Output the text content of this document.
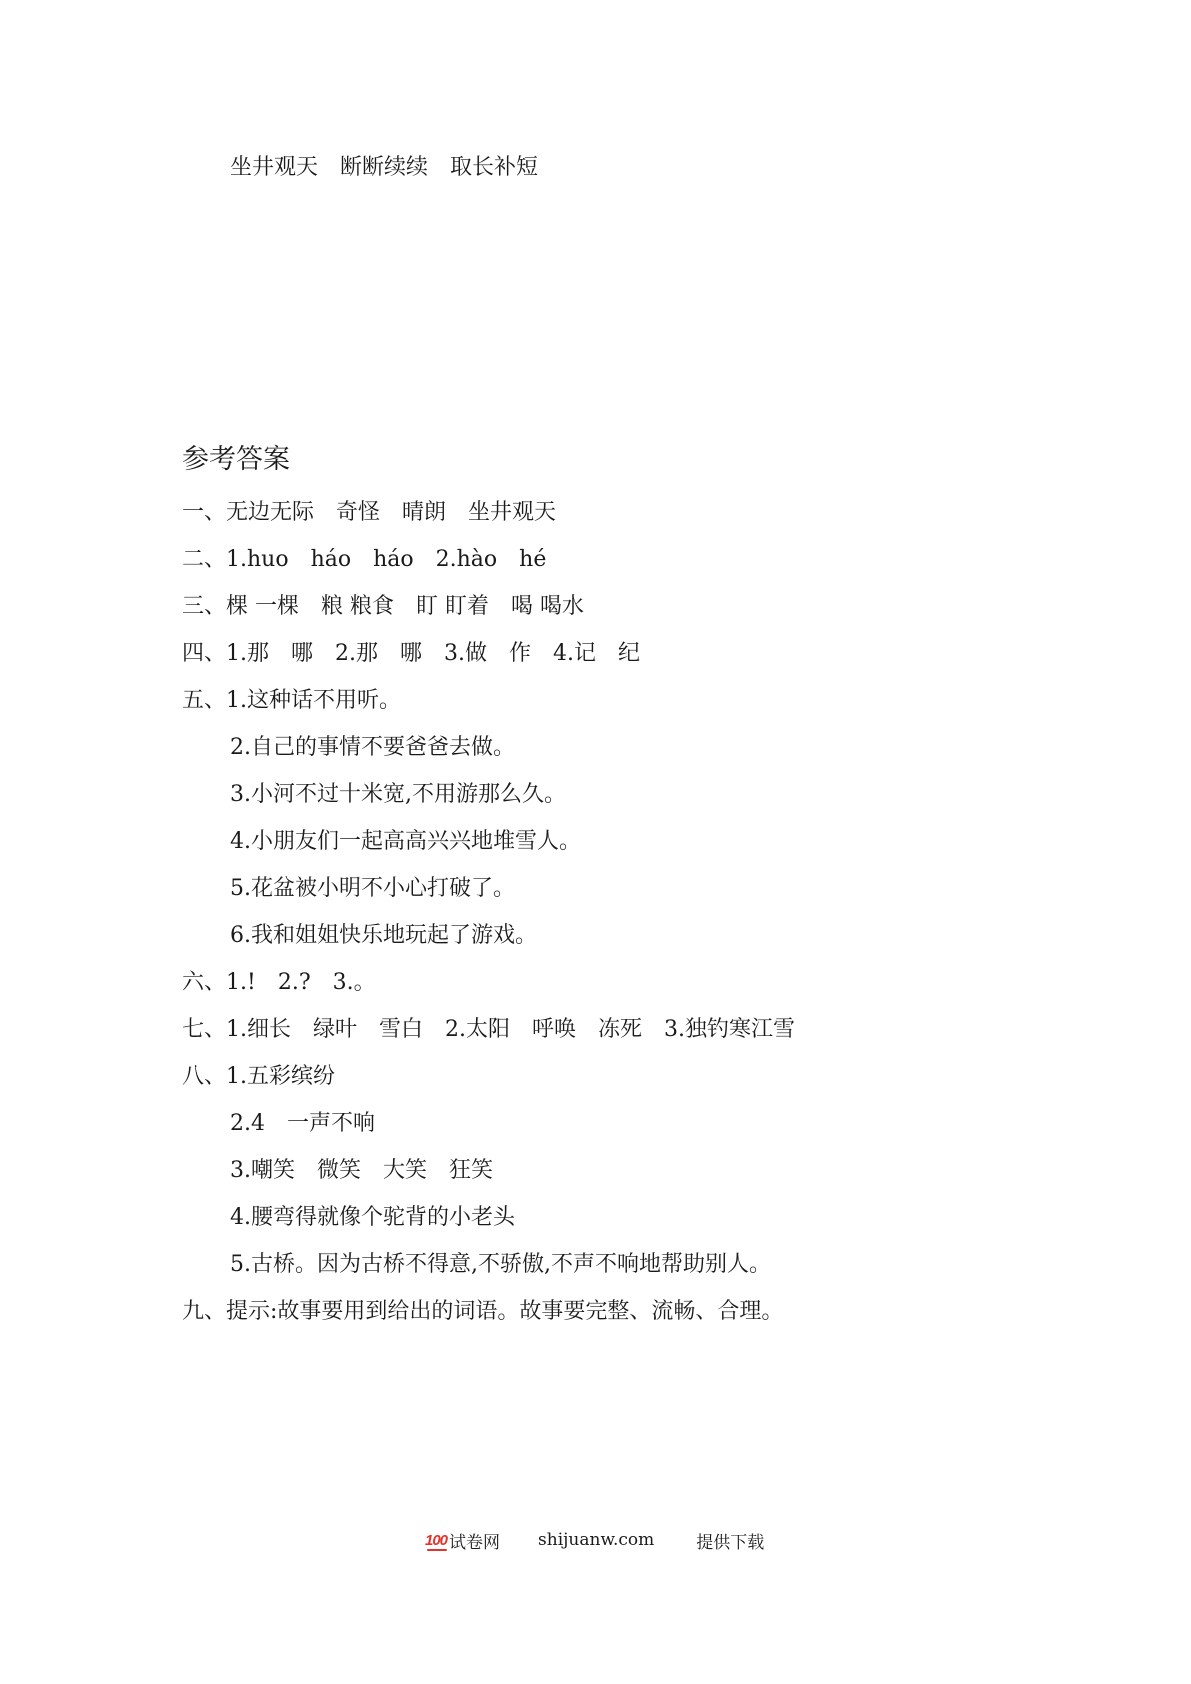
坐井观天　断断续续　取长补短
参考答案
一、无边无际　奇怪　晴朗　坐井观天
二、1.huo　háo　háo　2.hào　hé
三、棵 一棵　粮 粮食　盯 盯着　喝 喝水
四、1.那　哪　2.那　哪　3.做　作　4.记　纪
五、1.这种话不用听。
2.自己的事情不要爸爸去做。
3.小河不过十米宽,不用游那么久。
4.小朋友们一起高高兴兴地堆雪人。
5.花盆被小明不小心打破了。
6.我和姐姐快乐地玩起了游戏。
六、1.!　2.?　3.。
七、1.细长　绿叶　雪白　2.太阳　呼唤　冻死　3.独钓寒江雪
八、1.五彩缤纷
2.4　一声不响
3.嘲笑　微笑　大笑　狂笑
4.腰弯得就像个驼背的小老头
5.古桥。因为古桥不得意,不骄傲,不声不响地帮助别人。
九、提示:故事要用到给出的词语。故事要完整、流畅、合理。
100 试卷网 shijuanw.com 提供下载
